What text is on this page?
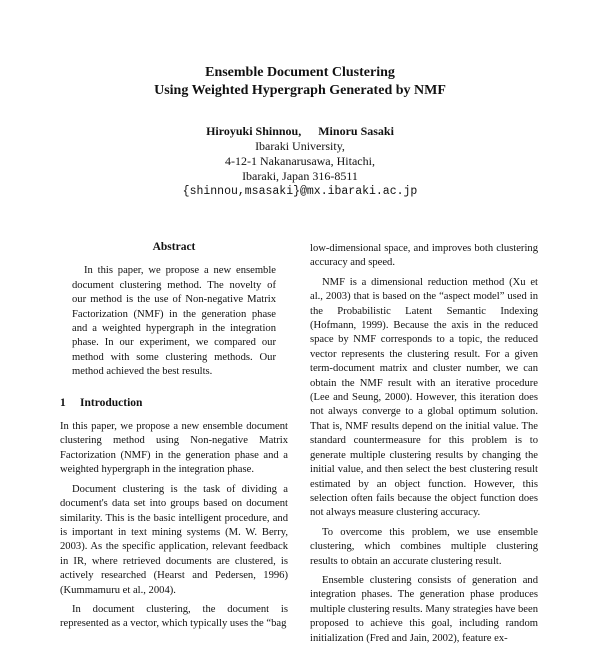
Ensemble Document Clustering
Using Weighted Hypergraph Generated by NMF
Hiroyuki Shinnou, Minoru Sasaki
Ibaraki University,
4-12-1 Nakanarusawa, Hitachi,
Ibaraki, Japan 316-8511
{shinnou,msasaki}@mx.ibaraki.ac.jp
Abstract

In this paper, we propose a new ensemble document clustering method. The novelty of our method is the use of Non-negative Matrix Factorization (NMF) in the generation phase and a weighted hypergraph in the integration phase. In our experiment, we compared our method with some clustering methods. Our method achieved the best results.

1 Introduction

In this paper, we propose a new ensemble document clustering method using Non-negative Matrix Factorization (NMF) in the generation phase and a weighted hypergraph in the integration phase.

Document clustering is the task of dividing a document's data set into groups based on document similarity. This is the basic intelligent procedure, and is important in text mining systems (M. W. Berry, 2003). As the specific application, relevant feedback in IR, where retrieved documents are clustered, is actively researched (Hearst and Pedersen, 1996)(Kummamuru et al., 2004).

In document clustering, the document is represented as a vector, which typically uses the “bag

low-dimensional space, and improves both clustering accuracy and speed.

NMF is a dimensional reduction method (Xu et al., 2003) that is based on the “aspect model” used in the Probabilistic Latent Semantic Indexing (Hofmann, 1999). Because the axis in the reduced space by NMF corresponds to a topic, the reduced vector represents the clustering result. For a given term-document matrix and cluster number, we can obtain the NMF result with an iterative procedure (Lee and Seung, 2000). However, this iteration does not always converge to a global optimum solution. That is, NMF results depend on the initial value. The standard countermeasure for this problem is to generate multiple clustering results by changing the initial value, and then select the best clustering result estimated by an object function. However, this selection often fails because the object function does not always measure clustering accuracy.

To overcome this problem, we use ensemble clustering, which combines multiple clustering results to obtain an accurate clustering result.

Ensemble clustering consists of generation and integration phases. The generation phase produces multiple clustering results. Many strategies have been proposed to achieve this goal, including random initialization (Fred and Jain, 2002), feature ex-
